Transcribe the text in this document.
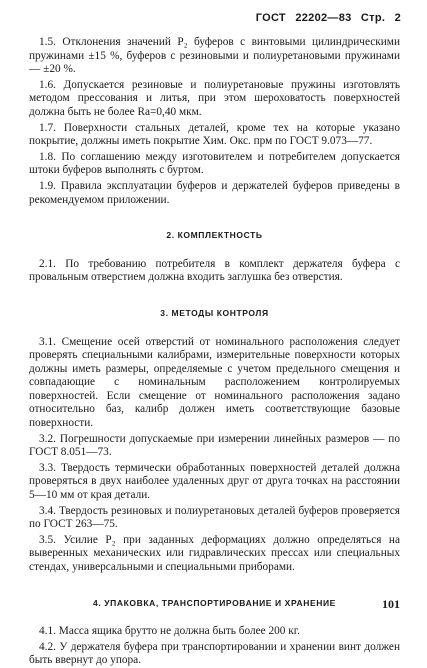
ГОСТ 22202—83 Стр. 2

1.5. Отклонения значений P₂ буферов с винтовыми цилиндрическими пружинами ±15 %, буферов с резиновыми и полиуретановыми пружинами — ±20 %.

1.6. Допускается резиновые и полиуретановые пружины изготовлять методом прессования и литья, при этом шероховатость поверхностей должна быть не более Ra=0,40 мкм.

1.7. Поверхности стальных деталей, кроме тех на которые указано покрытие, должны иметь покрытие Хим. Окс. прм по ГОСТ 9.073—77.

1.8. По соглашению между изготовителем и потребителем допускается штоки буферов выполнять с буртом.

1.9. Правила эксплуатации буферов и держателей буферов приведены в рекомендуемом приложении.

2. КОМПЛЕКТНОСТЬ

2.1. По требованию потребителя в комплект держателя буфера с провальным отверстием должна входить заглушка без отверстия.

3. МЕТОДЫ КОНТРОЛЯ

3.1. Смещение осей отверстий от номинального расположения следует проверять специальными калибрами, измерительные поверхности которых должны иметь размеры, определяемые с учетом предельного смещения и совпадающие с номинальным расположением контролируемых поверхностей. Если смещение от номинального расположения задано относительно баз, калибр должен иметь соответствующие базовые поверхности.

3.2. Погрешности допускаемые при измерении линейных размеров — по ГОСТ 8.051—73.

3.3. Твердость термически обработанных поверхностей деталей должна проверяться в двух наиболее удаленных друг от друга точках на расстоянии 5—10 мм от края детали.

3.4. Твердость резиновых и полиуретановых деталей буферов проверяется по ГОСТ 263—75.

3.5. Усилие P₂ при заданных деформациях должно определяться на выверенных механических или гидравлических прессах или специальных стендах, универсальными и специальными приборами.

4. УПАКОВКА, ТРАНСПОРТИРОВАНИЕ И ХРАНЕНИЕ

4.1. Масса ящика брутто не должна быть более 200 кг.

4.2. У держателя буфера при транспортировании и хранении винт должен быть ввернут до упора.

101
